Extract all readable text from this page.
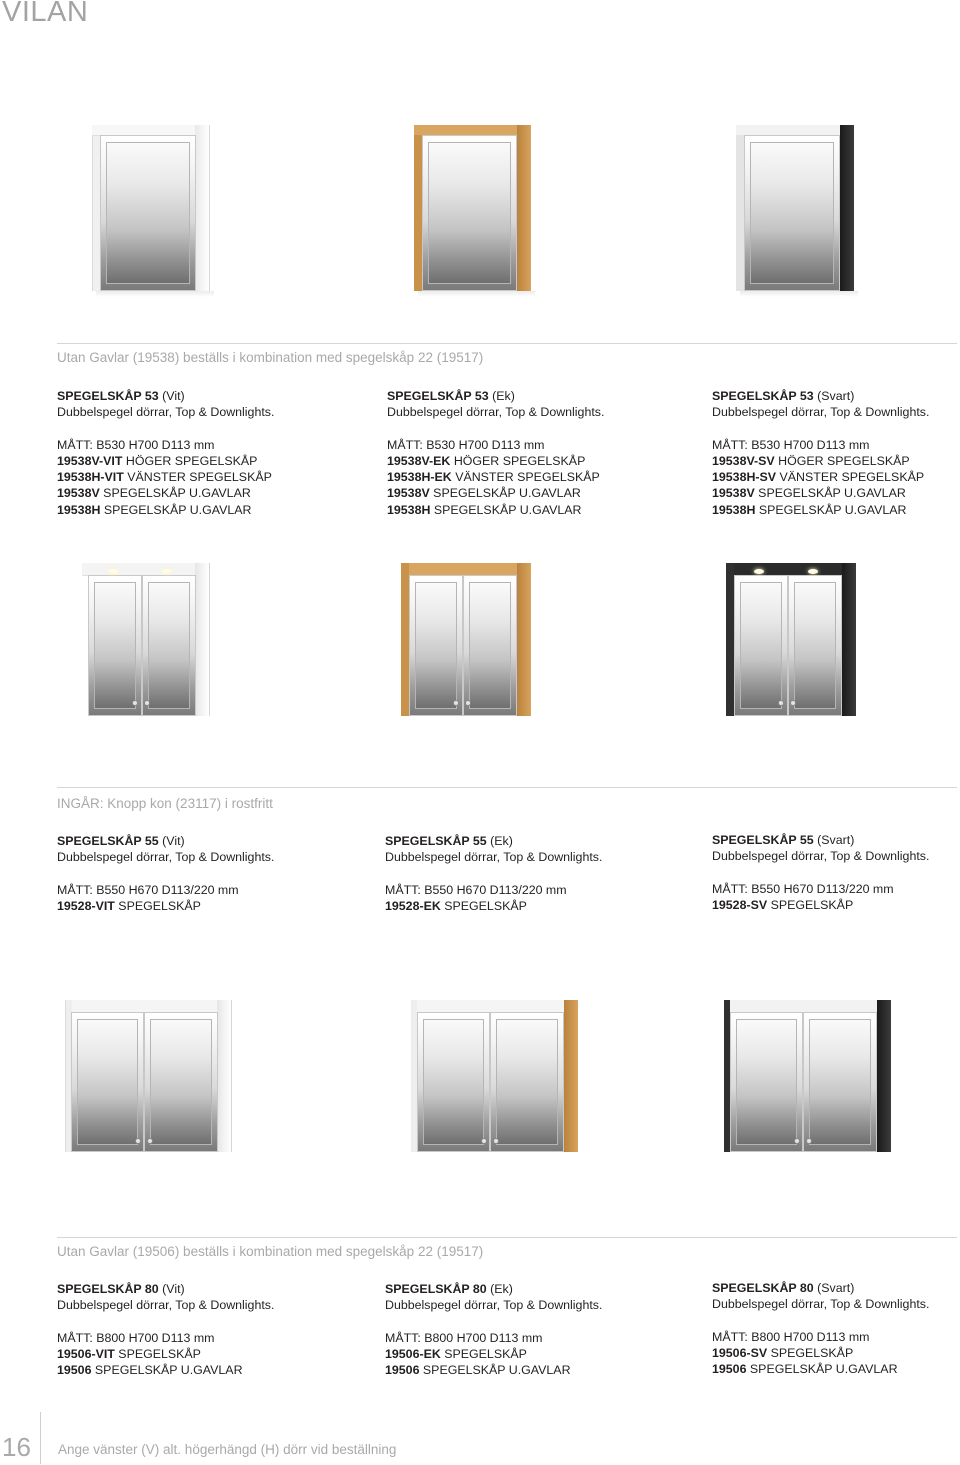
VILAN
Utan Gavlar (19538) beställs i kombination med spegelskåp 22 (19517)
SPEGELSKÅP 53 (Vit)
Dubbelspegel dörrar, Top & Downlights.
MÅTT: B530 H700 D113 mm
19538V-VIT HÖGER SPEGELSKÅP
19538H-VIT VÄNSTER SPEGELSKÅP
19538V SPEGELSKÅP U.GAVLAR
19538H SPEGELSKÅP U.GAVLAR
SPEGELSKÅP 53 (Ek)
Dubbelspegel dörrar, Top & Downlights.
MÅTT: B530 H700 D113 mm
19538V-EK HÖGER SPEGELSKÅP
19538H-EK VÄNSTER SPEGELSKÅP
19538V SPEGELSKÅP U.GAVLAR
19538H SPEGELSKÅP U.GAVLAR
SPEGELSKÅP 53 (Svart)
Dubbelspegel dörrar, Top & Downlights.
MÅTT: B530 H700 D113 mm
19538V-SV HÖGER SPEGELSKÅP
19538H-SV VÄNSTER SPEGELSKÅP
19538V SPEGELSKÅP U.GAVLAR
19538H SPEGELSKÅP U.GAVLAR
INGÅR: Knopp kon (23117) i rostfritt
SPEGELSKÅP 55 (Vit)
Dubbelspegel dörrar, Top & Downlights.
MÅTT: B550 H670 D113/220 mm
19528-VIT SPEGELSKÅP
SPEGELSKÅP 55 (Ek)
Dubbelspegel dörrar, Top & Downlights.
MÅTT: B550 H670 D113/220 mm
19528-EK SPEGELSKÅP
SPEGELSKÅP 55 (Svart)
Dubbelspegel dörrar, Top & Downlights.
MÅTT: B550 H670 D113/220 mm
19528-SV SPEGELSKÅP
Utan Gavlar (19506) beställs i kombination med spegelskåp 22 (19517)
SPEGELSKÅP 80 (Vit)
Dubbelspegel dörrar, Top & Downlights.
MÅTT: B800 H700 D113 mm
19506-VIT SPEGELSKÅP
19506 SPEGELSKÅP U.GAVLAR
SPEGELSKÅP 80 (Ek)
Dubbelspegel dörrar, Top & Downlights.
MÅTT: B800 H700 D113 mm
19506-EK SPEGELSKÅP
19506 SPEGELSKÅP U.GAVLAR
SPEGELSKÅP 80 (Svart)
Dubbelspegel dörrar, Top & Downlights.
MÅTT: B800 H700 D113 mm
19506-SV SPEGELSKÅP
19506 SPEGELSKÅP U.GAVLAR
16 Ange vänster (V) alt. högerhängd (H) dörr vid beställning
